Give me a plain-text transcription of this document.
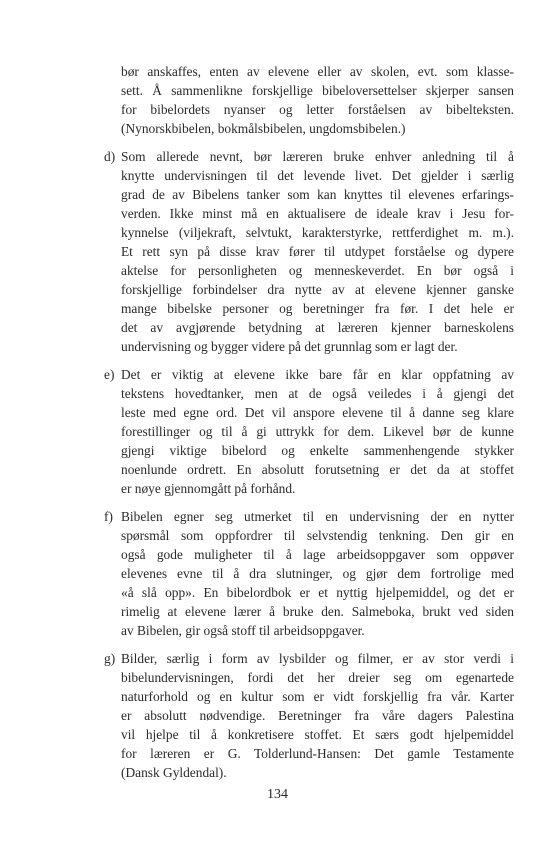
bør anskaffes, enten av elevene eller av skolen, evt. som klasse-
sett. Å sammenlikne forskjellige bibeloversettelser skjerper sansen
for bibelordets nyanser og letter forståelsen av bibelteksten.
(Nynorskbibelen, bokmålsbibelen, ungdomsbibelen.)
d) Som allerede nevnt, bør læreren bruke enhver anledning til å
knytte undervisningen til det levende livet. Det gjelder i særlig
grad de av Bibelens tanker som kan knyttes til elevenes erfarings-
verden. Ikke minst må en aktualisere de ideale krav i Jesu for-
kynnelse (viljekraft, selvtukt, karakterstyrke, rettferdighet m. m.).
Et rett syn på disse krav fører til utdypet forståelse og dypere
aktelse for personligheten og menneskeverdet. En bør også i
forskjellige forbindelser dra nytte av at elevene kjenner ganske
mange bibelske personer og beretninger fra før. I det hele er
det av avgjørende betydning at læreren kjenner barneskolens
undervisning og bygger videre på det grunnlag som er lagt der.
e) Det er viktig at elevene ikke bare får en klar oppfatning av
tekstens hovedtanker, men at de også veiledes i å gjengi det
leste med egne ord. Det vil anspore elevene til å danne seg klare
forestillinger og til å gi uttrykk for dem. Likevel bør de kunne
gjengi viktige bibelord og enkelte sammenhengende stykker
noenlunde ordrett. En absolutt forutsetning er det da at stoffet
er nøye gjennomgått på forhånd.
f) Bibelen egner seg utmerket til en undervisning der en nytter
spørsmål som oppfordrer til selvstendig tenkning. Den gir en
også gode muligheter til å lage arbeidsoppgaver som oppøver
elevenes evne til å dra slutninger, og gjør dem fortrolige med
«å slå opp». En bibelordbok er et nyttig hjelpemiddel, og det er
rimelig at elevene lærer å bruke den. Salmeboka, brukt ved siden
av Bibelen, gir også stoff til arbeidsoppgaver.
g) Bilder, særlig i form av lysbilder og filmer, er av stor verdi i
bibelundervisningen, fordi det her dreier seg om egenartede
naturforhold og en kultur som er vidt forskjellig fra vår. Karter
er absolutt nødvendige. Beretninger fra våre dagers Palestina
vil hjelpe til å konkretisere stoffet. Et særs godt hjelpemiddel
for læreren er G. Tolderlund-Hansen: Det gamle Testamente
(Dansk Gyldendal).
134
